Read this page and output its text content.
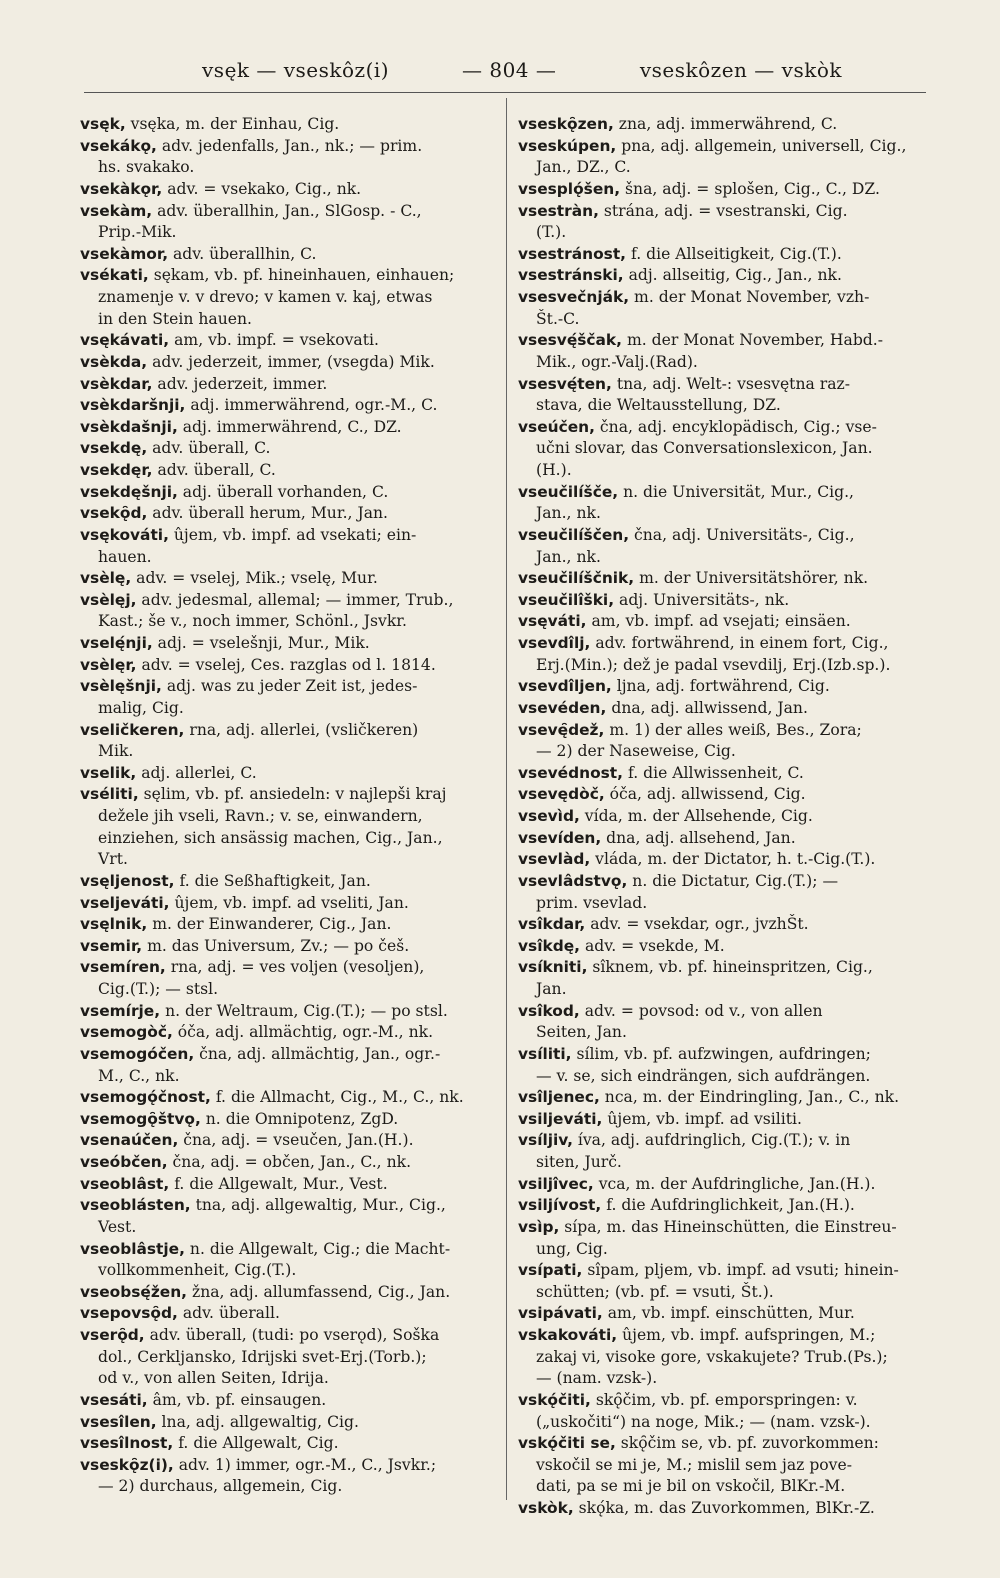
vsęk — vseskôz(i)	— 804 —	vseskôzen — vskòk
vsęk, vsęka, m. der Einhau, Cig.
vsekákǫ, adv. jedenfalls, Jan., nk.; — prim.
hs. svakako.
vsekàkǫr, adv. = vsekako, Cig., nk.
vsekàm, adv. überallhin, Jan., SlGosp. - C.,
Prip.-Mik.
vsekàmor, adv. überallhin, C.
vsékati, sękam, vb. pf. hineinhauen, einhauen;
znamenje v. v drevo; v kamen v. kaj, etwas
in den Stein hauen.
vsękávati, am, vb. impf. = vsekovati.
vsèkda, adv. jederzeit, immer, (vsegda) Mik.
vsèkdar, adv. jederzeit, immer.
vsèkdaršnji, adj. immerwährend, ogr.-M., C.
vsèkdašnji, adj. immerwährend, C., DZ.
vsekdę, adv. überall, C.
vsekdęr, adv. überall, C.
vsekdęšnji, adj. überall vorhanden, C.
vsekǫ̑d, adv. überall herum, Mur., Jan.
vsękováti, ûjem, vb. impf. ad vsekati; ein-
hauen.
vsèlę, adv. = vselej, Mik.; vselę, Mur.
vsèlęj, adv. jedesmal, allemal; — immer, Trub.,
Kast.; še v., noch immer, Schönl., Jsvkr.
vselę́nji, adj. = vselešnji, Mur., Mik.
vsèlęr, adv. = vselej, Ces. razglas od l. 1814.
vsèlęšnji, adj. was zu jeder Zeit ist, jedes-
malig, Cig.
vseličkeren, rna, adj. allerlei, (vsličkeren)
Mik.
vselik, adj. allerlei, C.
vséliti, sęlim, vb. pf. ansiedeln: v najlepši kraj
dežele jih vseli, Ravn.; v. se, einwandern,
einziehen, sich ansässig machen, Cig., Jan.,
Vrt.
vsęljenost, f. die Seßhaftigkeit, Jan.
vseljeváti, ûjem, vb. impf. ad vseliti, Jan.
vsęlnik, m. der Einwanderer, Cig., Jan.
vsemir, m. das Universum, Zv.; — po češ.
vsemíren, rna, adj. = ves voljen (vesoljen),
Cig.(T.); — stsl.
vsemírje, n. der Weltraum, Cig.(T.); — po stsl.
vsemogòč, óča, adj. allmächtig, ogr.-M., nk.
vsemogóčen, čna, adj. allmächtig, Jan., ogr.-
M., C., nk.
vsemogǫ́čnost, f. die Allmacht, Cig., M., C., nk.
vsemogǫ̑štvǫ, n. die Omnipotenz, ZgD.
vsenaúčen, čna, adj. = vseučen, Jan.(H.).
vseóbčen, čna, adj. = občen, Jan., C., nk.
vseoblâst, f. die Allgewalt, Mur., Vest.
vseoblásten, tna, adj. allgewaltig, Mur., Cig.,
Vest.
vseoblâstje, n. die Allgewalt, Cig.; die Macht-
vollkommenheit, Cig.(T.).
vseobsę́žen, žna, adj. allumfassend, Cig., Jan.
vsepovsǫ̑d, adv. überall.
vserǫ̑d, adv. überall, (tudi: po vserǫd), Soška
dol., Cerkljansko, Idrijski svet-Erj.(Torb.);
od v., von allen Seiten, Idrija.
vsesáti, âm, vb. pf. einsaugen.
vsesîlen, lna, adj. allgewaltig, Cig.
vsesîlnost, f. die Allgewalt, Cig.
vseskǫ̑z(i), adv. 1) immer, ogr.-M., C., Jsvkr.;
— 2) durchaus, allgemein, Cig.
vseskǫ̑zen, zna, adj. immerwährend, C.
vseskúpen, pna, adj. allgemein, universell, Cig.,
Jan., DZ., C.
vsesplǫ́šen, šna, adj. = splošen, Cig., C., DZ.
vsestràn, strána, adj. = vsestranski, Cig.
(T.).
vsestránost, f. die Allseitigkeit, Cig.(T.).
vsestránski, adj. allseitig, Cig., Jan., nk.
vsesvečnják, m. der Monat November, vzh-
Št.-C.
vsesvę́ščak, m. der Monat November, Habd.-
Mik., ogr.-Valj.(Rad).
vsesvę́ten, tna, adj. Welt-: vsesvętna raz-
stava, die Weltausstellung, DZ.
vseúčen, čna, adj. encyklopädisch, Cig.; vse-
učni slovar, das Conversationslexicon, Jan.
(H.).
vseučilíšče, n. die Universität, Mur., Cig.,
Jan., nk.
vseučilíščen, čna, adj. Universitäts-, Cig.,
Jan., nk.
vseučilíščnik, m. der Universitätshörer, nk.
vseučilîški, adj. Universitäts-, nk.
vsęváti, am, vb. impf. ad vsejati; einsäen.
vsevdîlj, adv. fortwährend, in einem fort, Cig.,
Erj.(Min.); dež je padal vsevdilj, Erj.(Izb.sp.).
vsevdîljen, ljna, adj. fortwährend, Cig.
vsevéden, dna, adj. allwissend, Jan.
vsevę̑dež, m. 1) der alles weiß, Bes., Zora;
— 2) der Naseweise, Cig.
vsevédnost, f. die Allwissenheit, C.
vsevędòč, óča, adj. allwissend, Cig.
vsevìd, vída, m. der Allsehende, Cig.
vsevíden, dna, adj. allsehend, Jan.
vsevlàd, vláda, m. der Dictator, h. t.-Cig.(T.).
vsevlâdstvǫ, n. die Dictatur, Cig.(T.); —
prim. vsevlad.
vsîkdar, adv. = vsekdar, ogr., jvzhŠt.
vsîkdę, adv. = vsekde, M.
vsíkniti, sîknem, vb. pf. hineinspritzen, Cig.,
Jan.
vsîkod, adv. = povsod: od v., von allen
Seiten, Jan.
vsíliti, sílim, vb. pf. aufzwingen, aufdringen;
— v. se, sich eindrängen, sich aufdrängen.
vsîljenec, nca, m. der Eindringling, Jan., C., nk.
vsiljeváti, ûjem, vb. impf. ad vsiliti.
vsíljiv, íva, adj. aufdringlich, Cig.(T.); v. in
siten, Jurč.
vsiljîvec, vca, m. der Aufdringliche, Jan.(H.).
vsiljívost, f. die Aufdringlichkeit, Jan.(H.).
vsìp, sípa, m. das Hineinschütten, die Einstreu-
ung, Cig.
vsípati, sîpam, pljem, vb. impf. ad vsuti; hinein-
schütten; (vb. pf. = vsuti, Št.).
vsipávati, am, vb. impf. einschütten, Mur.
vskakováti, ûjem, vb. impf. aufspringen, M.;
zakaj vi, visoke gore, vskakujete? Trub.(Ps.);
— (nam. vzsk-).
vskǫ́čiti, skǫ̑čim, vb. pf. emporspringen: v.
(„uskočiti“) na noge, Mik.; — (nam. vzsk-).
vskǫ́čiti se, skǫ̑čim se, vb. pf. zuvorkommen:
vskočil se mi je, M.; mislil sem jaz pove-
dati, pa se mi je bil on vskočil, BlKr.-M.
vskòk, skǫ́ka, m. das Zuvorkommen, BlKr.-Z.
